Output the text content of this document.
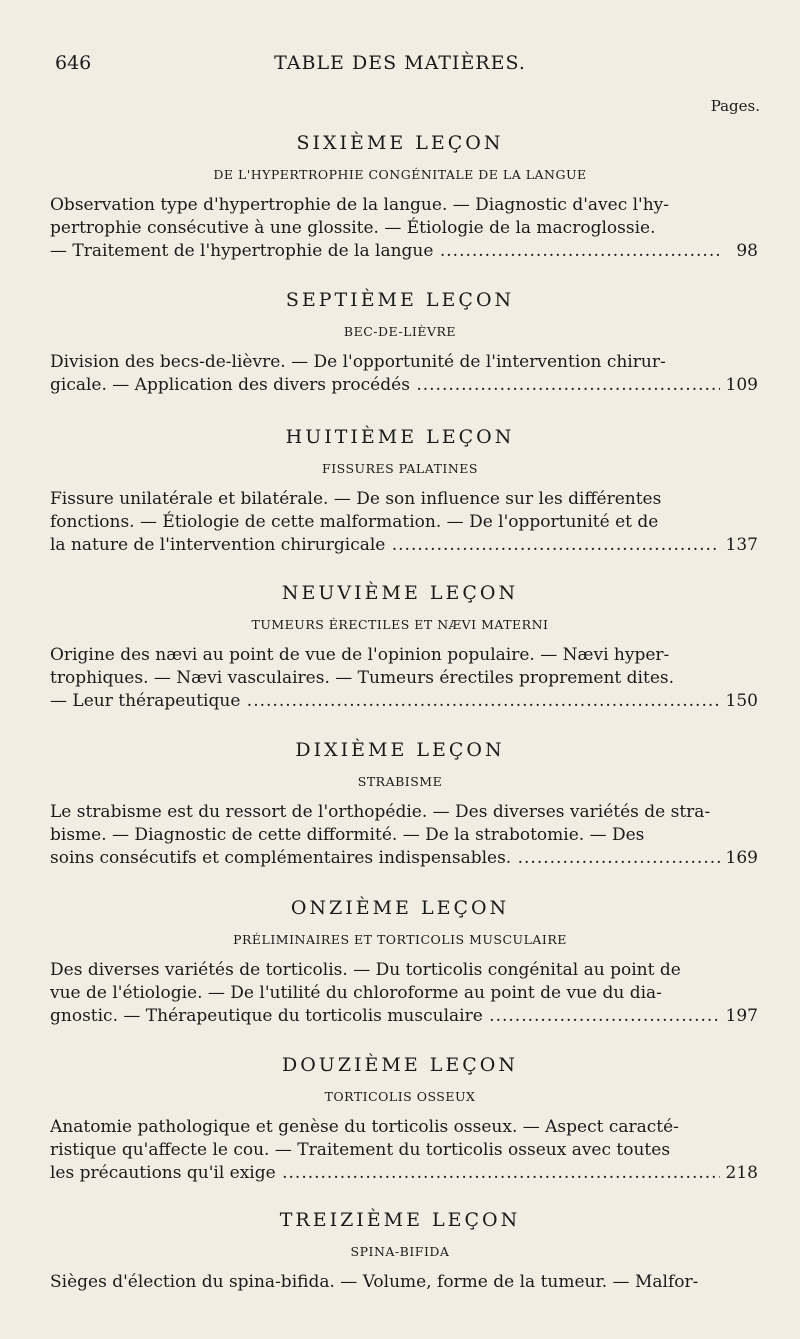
646	TABLE DES MATIÈRES.
Pages.
SIXIÈME LEÇON
DE L'HYPERTROPHIE CONGÉNITALE DE LA LANGUE
Observation type d'hypertrophie de la langue. — Diagnostic d'avec l'hy-
pertrophie consécutive à une glossite. — Étiologie de la macroglossie.
— Traitement de l'hypertrophie de la langue .....	98
SEPTIÈME LEÇON
BEC-DE-LIÈVRE
Division des becs-de-lièvre. — De l'opportunité de l'intervention chirur-
gicale. — Application des divers procédés .....	109
HUITIÈME LEÇON
FISSURES PALATINES
Fissure unilatérale et bilatérale. — De son influence sur les différentes
fonctions. — Étiologie de cette malformation. — De l'opportunité et de
la nature de l'intervention chirurgicale .....	137
NEUVIÈME LEÇON
TUMEURS ÉRECTILES ET NÆVI MATERNI
Origine des nævi au point de vue de l'opinion populaire. — Nævi hyper-
trophiques. — Nævi vasculaires. — Tumeurs érectiles proprement dites.
— Leur thérapeutique .....	150
DIXIÈME LEÇON
STRABISME
Le strabisme est du ressort de l'orthopédie. — Des diverses variétés de stra-
bisme. — Diagnostic de cette difformité. — De la strabotomie. — Des
soins consécutifs et complémentaires indispensables. .....	169
ONZIÈME LEÇON
PRÉLIMINAIRES ET TORTICOLIS MUSCULAIRE
Des diverses variétés de torticolis. — Du torticolis congénital au point de
vue de l'étiologie. — De l'utilité du chloroforme au point de vue du dia-
gnostic. — Thérapeutique du torticolis musculaire .....	197
DOUZIÈME LEÇON
TORTICOLIS OSSEUX
Anatomie pathologique et genèse du torticolis osseux. — Aspect caracté-
ristique qu'affecte le cou. — Traitement du torticolis osseux avec toutes
les précautions qu'il exige .....	218
TREIZIÈME LEÇON
SPINA-BIFIDA
Sièges d'élection du spina-bifida. — Volume, forme de la tumeur. — Malfor-
